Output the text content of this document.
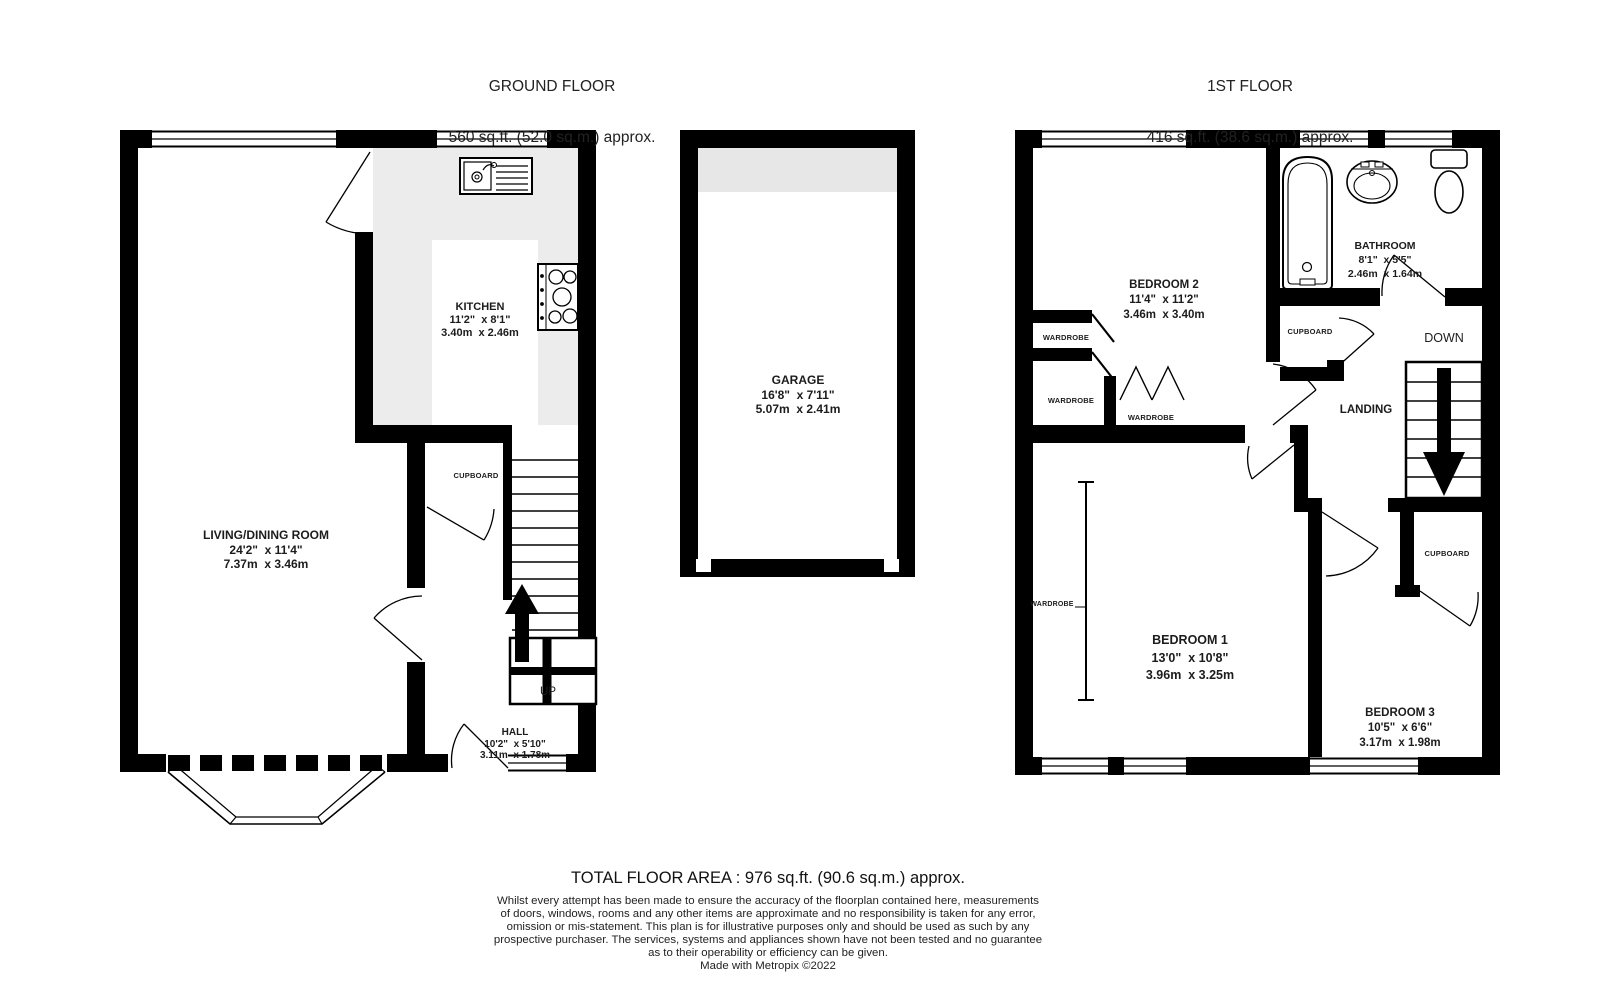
GROUND FLOOR

560 sq.ft. (52.0 sq.m.) approx.

1ST FLOOR

416 sq.ft. (38.6 sq.m.) approx.

LIVING/DINING ROOM
24'2"  x 11'4"
7.37m  x 3.46m

KITCHEN
11'2"  x 8'1"
3.40m  x 2.46m

HALL
10'2"  x 5'10"
3.11m  x 1.78m

GARAGE
16'8"  x 7'11"
5.07m  x 2.41m

BEDROOM 2
11'4"  x 11'2"
3.46m  x 3.40m

BATHROOM
8'1"  x 5'5"
2.46m  x 1.64m

BEDROOM 1
13'0"  x 10'8"
3.96m  x 3.25m

BEDROOM 3
10'5"  x 6'6"
3.17m  x 1.98m

CUPBOARD
CUPBOARD
CUPBOARD
WARDROBE
WARDROBE
WARDROBE
WARDROBE
UP
DOWN
LANDING
TOTAL FLOOR AREA : 976 sq.ft. (90.6 sq.m.) approx.
Whilst every attempt has been made to ensure the accuracy of the floorplan contained here, measurements
of doors, windows, rooms and any other items are approximate and no responsibility is taken for any error,
omission or mis-statement. This plan is for illustrative purposes only and should be used as such by any
prospective purchaser. The services, systems and appliances shown have not been tested and no guarantee
as to their operability or efficiency can be given.
Made with Metropix ©2022
